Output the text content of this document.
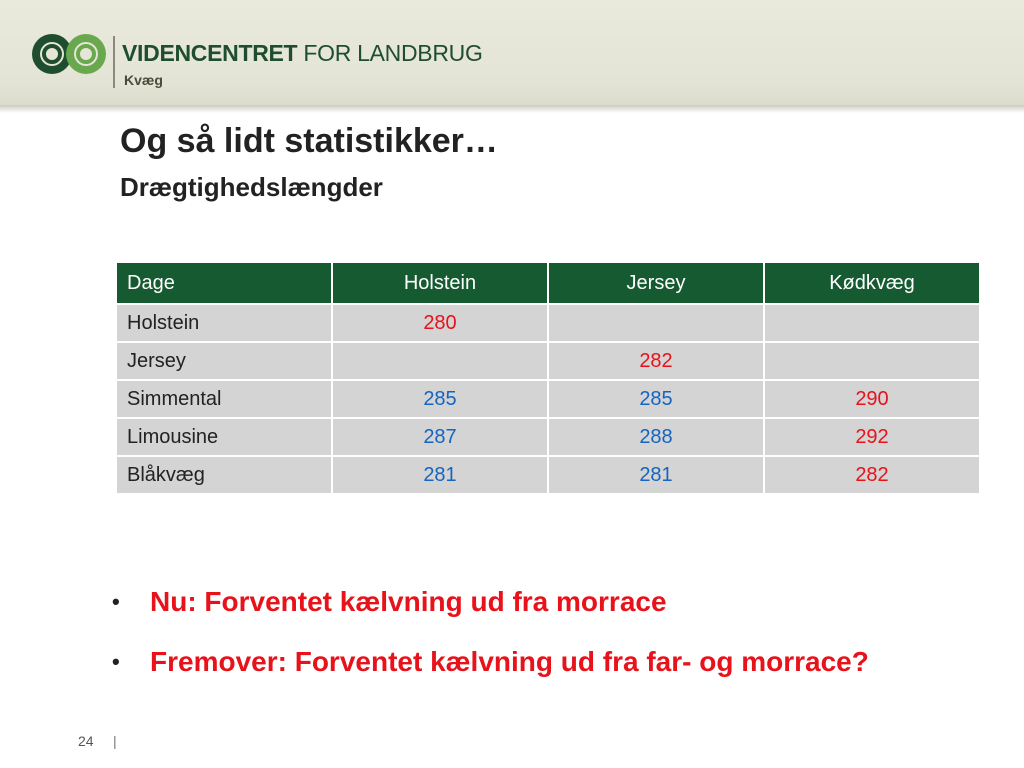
VIDENCENTRET FOR LANDBRUG
Kvæg
Og så lidt statistikker…
Drægtighedslængder
Dage	Holstein	Jersey	Kødkvæg
Holstein	280		
Jersey		282	
Simmental	285	285	290
Limousine	287	288	292
Blåkvæg	281	281	282
• Nu: Forventet kælvning ud fra morrace
• Fremover: Forventet kælvning ud fra far- og morrace?
24 |
